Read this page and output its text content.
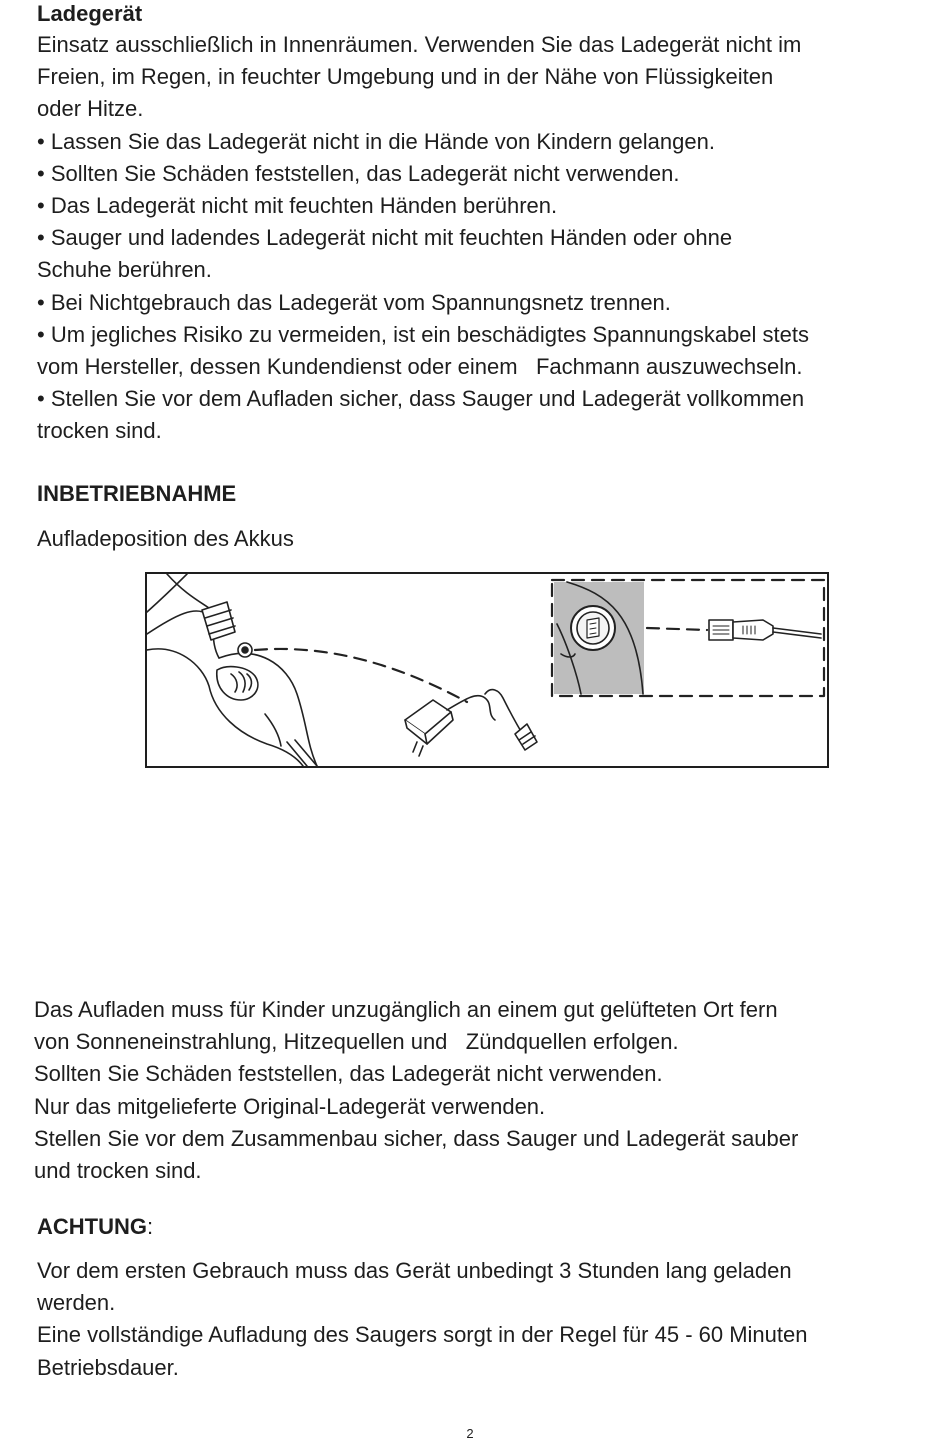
Ladegerät

Einsatz ausschließlich in Innenräumen. Verwenden Sie das Ladegerät nicht im

Freien, im Regen, in feuchter Umgebung und in der Nähe von Flüssigkeiten

oder Hitze.

• Lassen Sie das Ladegerät nicht in die Hände von Kindern gelangen.

• Sollten Sie Schäden feststellen, das Ladegerät nicht verwenden.

• Das Ladegerät nicht mit feuchten Händen berühren.

• Sauger und ladendes Ladegerät nicht mit feuchten Händen oder ohne

Schuhe berühren.

• Bei Nichtgebrauch das Ladegerät vom Spannungsnetz trennen.

• Um jegliches Risiko zu vermeiden, ist ein beschädigtes Spannungskabel stets

vom Hersteller, dessen Kundendienst oder einem   Fachmann auszuwechseln.

• Stellen Sie vor dem Aufladen sicher, dass Sauger und Ladegerät vollkommen

trocken sind.

INBETRIEBNAHME

Aufladeposition des Akkus

Das Aufladen muss für Kinder unzugänglich an einem gut gelüfteten Ort fern

von Sonneneinstrahlung, Hitzequellen und   Zündquellen erfolgen.

Sollten Sie Schäden feststellen, das Ladegerät nicht verwenden.

Nur das mitgelieferte Original-Ladegerät verwenden.

Stellen Sie vor dem Zusammenbau sicher, dass Sauger und Ladegerät sauber

und trocken sind.

ACHTUNG:

Vor dem ersten Gebrauch muss das Gerät unbedingt 3 Stunden lang geladen

werden.

Eine vollständige Aufladung des Saugers sorgt in der Regel für 45 - 60 Minuten

Betriebsdauer.

2
